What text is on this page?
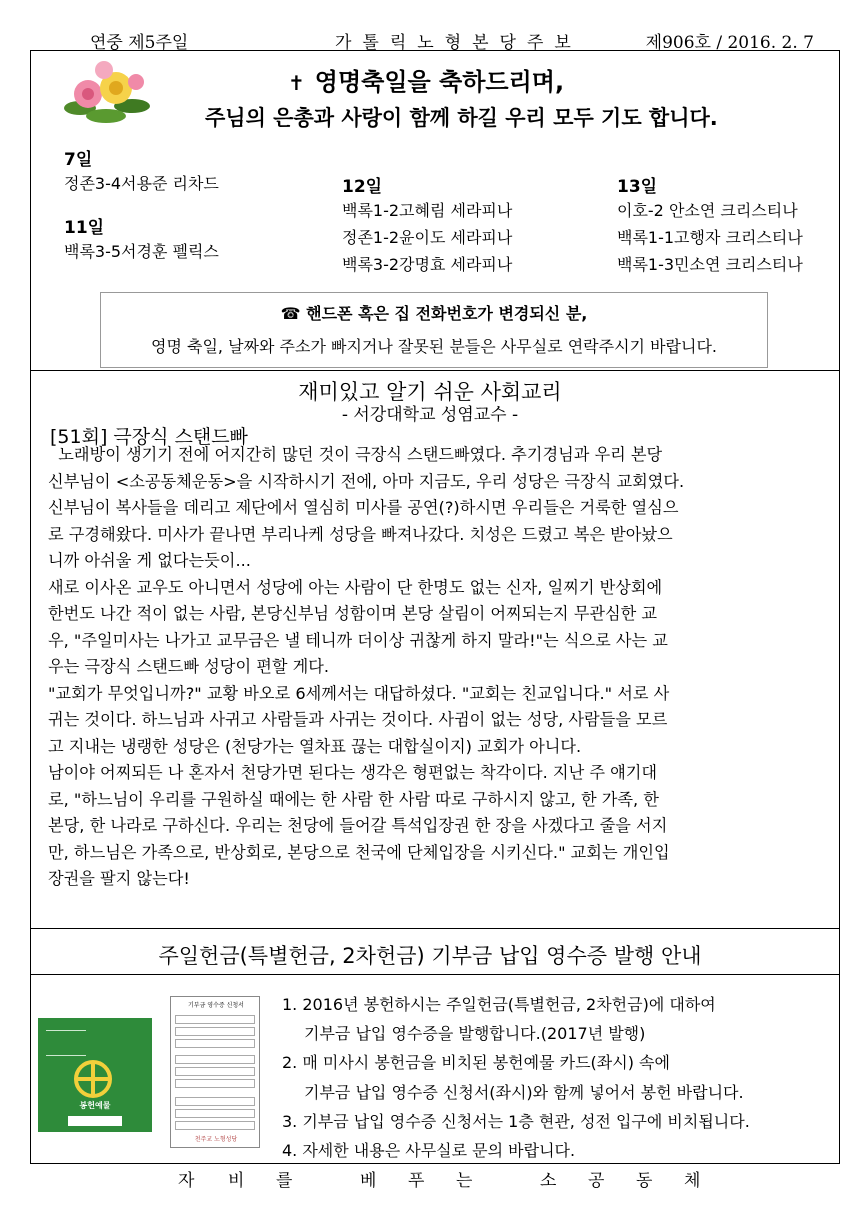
연중 제5주일	가톨릭노형본당주보	제906호 / 2016. 2. 7
✝ 영명축일을 축하드리며,
주님의 은총과 사랑이 함께 하길 우리 모두 기도 합니다.
7일
정존3-4서용준 리차드
11일
백록3-5서경훈 펠릭스
12일
백록1-2고혜림 세라피나
정존1-2윤이도 세라피나
백록3-2강명효 세라피나
13일
이호-2 안소연 크리스티나
백록1-1고행자 크리스티나
백록1-3민소연 크리스티나
☎ 핸드폰 혹은 집 전화번호가 변경되신 분,
영명 축일, 날짜와 주소가 빠지거나 잘못된 분들은 사무실로 연락주시기 바랍니다.
재미있고 알기 쉬운 사회교리
- 서강대학교 성염교수 -
[51회] 극장식 스탠드빠
노래방이 생기기 전에 어지간히 많던 것이 극장식 스탠드빠였다. 추기경님과 우리 본당
신부님이 <소공동체운동>을 시작하시기 전에, 아마 지금도, 우리 성당은 극장식 교회였다.
신부님이 복사들을 데리고 제단에서 열심히 미사를 공연(?)하시면 우리들은 거룩한 열심으
로 구경해왔다. 미사가 끝나면 부리나케 성당을 빠져나갔다. 치성은 드렸고 복은 받아놨으
니까 아쉬울 게 없다는듯이...
새로 이사온 교우도 아니면서 성당에 아는 사람이 단 한명도 없는 신자, 일찌기 반상회에
한번도 나간 적이 없는 사람, 본당신부님 성함이며 본당 살림이 어찌되는지 무관심한 교
우, "주일미사는 나가고 교무금은 낼 테니까 더이상 귀찮게 하지 말라!"는 식으로 사는 교
우는 극장식 스탠드빠 성당이 편할 게다.
"교회가 무엇입니까?" 교황 바오로 6세께서는 대답하셨다. "교회는 친교입니다." 서로 사
귀는 것이다. 하느님과 사귀고 사람들과 사귀는 것이다. 사귐이 없는 성당, 사람들을 모르
고 지내는 냉랭한 성당은 (천당가는 열차표 끊는 대합실이지) 교회가 아니다.
남이야 어찌되든 나 혼자서 천당가면 된다는 생각은 형편없는 착각이다. 지난 주 얘기대
로, "하느님이 우리를 구원하실 때에는 한 사람 한 사람 따로 구하시지 않고, 한 가족, 한
본당, 한 나라로 구하신다. 우리는 천당에 들어갈 특석입장권 한 장을 사겠다고 줄을 서지
만, 하느님은 가족으로, 반상회로, 본당으로 천국에 단체입장을 시키신다." 교회는 개인입
장권을 팔지 않는다!
주일헌금(특별헌금, 2차헌금) 기부금 납입 영수증 발행 안내
봉헌예물
기부금 영수증 신청서
천주교 노형성당
1. 2016년 봉헌하시는 주일헌금(특별헌금, 2차헌금)에 대하여
기부금 납입 영수증을 발행합니다.(2017년 발행)
2. 매 미사시 봉헌금을 비치된 봉헌예물 카드(좌시) 속에
기부금 납입 영수증 신청서(좌시)와 함께 넣어서 봉헌 바랍니다.
3. 기부금 납입 영수증 신청서는 1층 현관, 성전 입구에 비치됩니다.
4. 자세한 내용은 사무실로 문의 바랍니다.
자 비 를	베 푸 는	소 공 동 체
